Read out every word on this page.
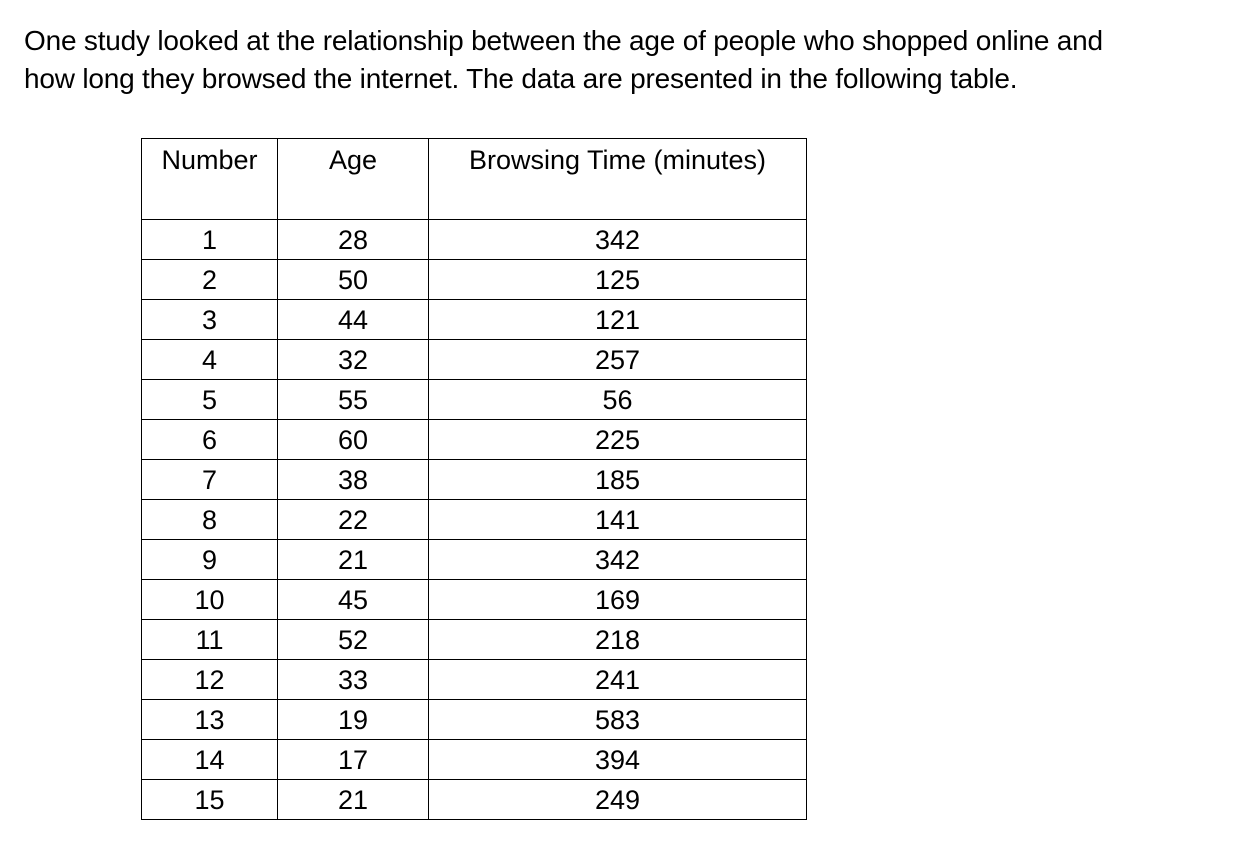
One study looked at the relationship between the age of people who shopped online and

how long they browsed the internet. The data are presented in the following table.

Number	Age	Browsing Time (minutes)
1	28	342
2	50	125
3	44	121
4	32	257
5	55	56
6	60	225
7	38	185
8	22	141
9	21	342
10	45	169
11	52	218
12	33	241
13	19	583
14	17	394
15	21	249
